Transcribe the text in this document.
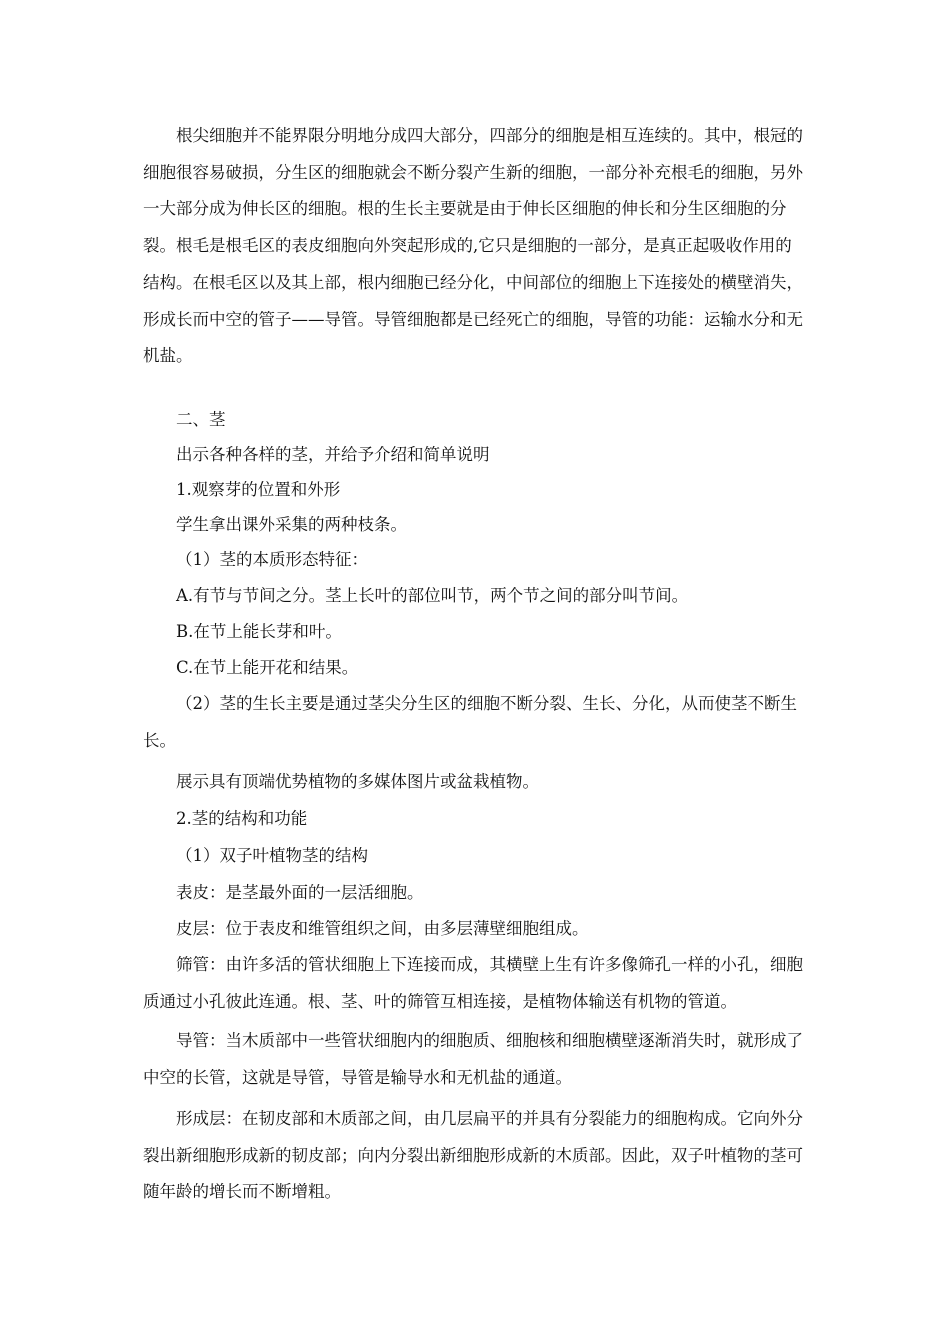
根尖细胞并不能界限分明地分成四大部分，四部分的细胞是相互连续的。其中，根冠的细胞很容易破损，分生区的细胞就会不断分裂产生新的细胞，一部分补充根毛的细胞，另外一大部分成为伸长区的细胞。根的生长主要就是由于伸长区细胞的伸长和分生区细胞的分裂。根毛是根毛区的表皮细胞向外突起形成的,它只是细胞的一部分，是真正起吸收作用的结构。在根毛区以及其上部，根内细胞已经分化，中间部位的细胞上下连接处的横壁消失，形成长而中空的管子——导管。导管细胞都是已经死亡的细胞，导管的功能：运输水分和无机盐。

二、茎

出示各种各样的茎，并给予介绍和简单说明

1.观察芽的位置和外形

学生拿出课外采集的两种枝条。

（1）茎的本质形态特征：

A.有节与节间之分。茎上长叶的部位叫节，两个节之间的部分叫节间。

B.在节上能长芽和叶。

C.在节上能开花和结果。

（2）茎的生长主要是通过茎尖分生区的细胞不断分裂、生长、分化，从而使茎不断生长。

展示具有顶端优势植物的多媒体图片或盆栽植物。

2.茎的结构和功能

（1）双子叶植物茎的结构

表皮：是茎最外面的一层活细胞。

皮层：位于表皮和维管组织之间，由多层薄壁细胞组成。

筛管：由许多活的管状细胞上下连接而成，其横壁上生有许多像筛孔一样的小孔，细胞质通过小孔彼此连通。根、茎、叶的筛管互相连接，是植物体输送有机物的管道。

导管：当木质部中一些管状细胞内的细胞质、细胞核和细胞横壁逐渐消失时，就形成了中空的长管，这就是导管，导管是输导水和无机盐的通道。

形成层：在韧皮部和木质部之间，由几层扁平的并具有分裂能力的细胞构成。它向外分裂出新细胞形成新的韧皮部；向内分裂出新细胞形成新的木质部。因此，双子叶植物的茎可随年龄的增长而不断增粗。
